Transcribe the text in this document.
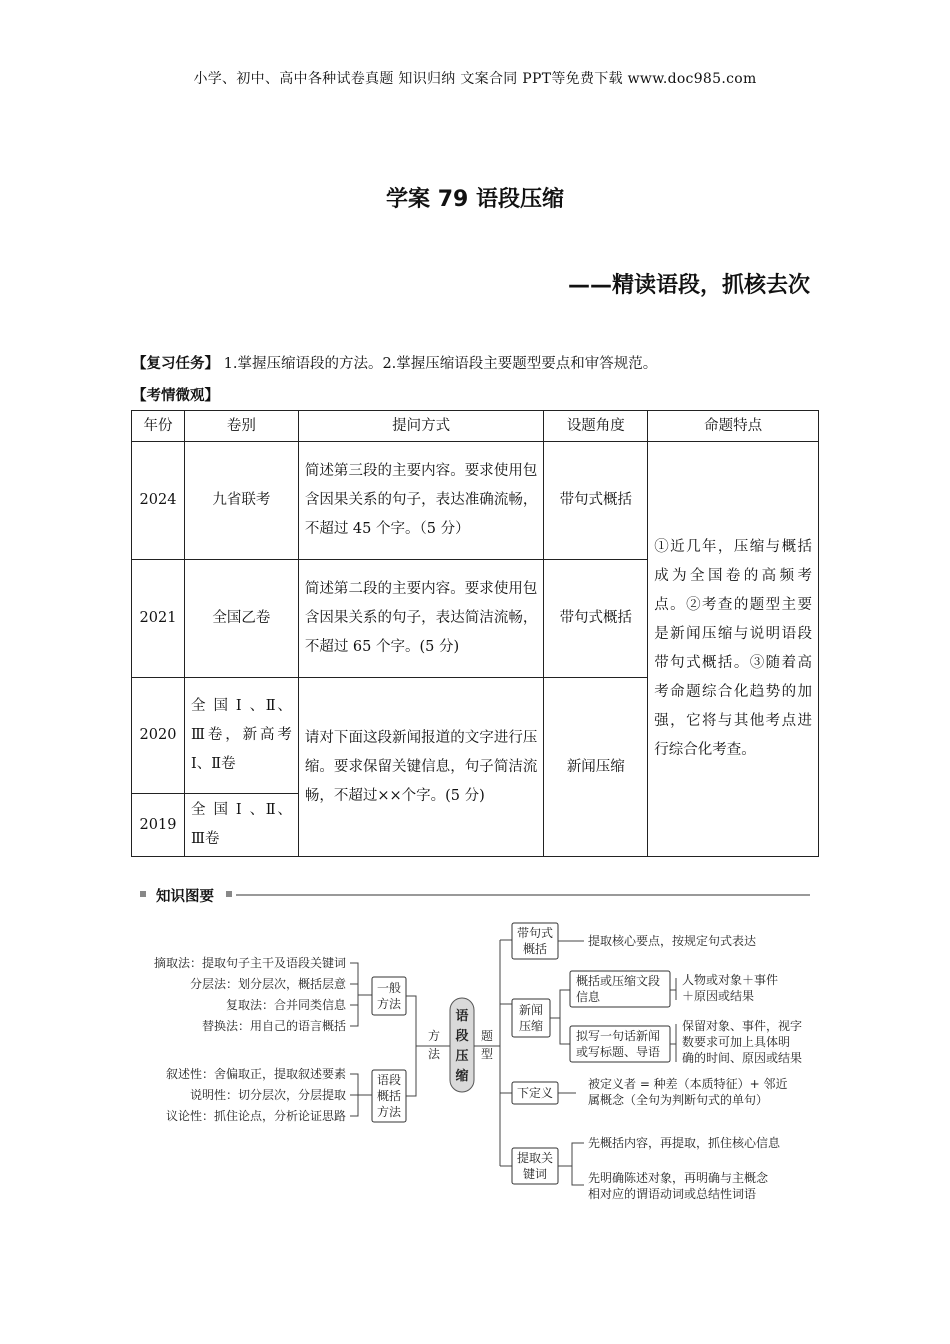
小学、初中、高中各种试卷真题 知识归纳 文案合同 PPT等免费下载 www.doc985.com
学案 79 语段压缩
——精读语段，抓核去次
【复习任务】 1.掌握压缩语段的方法。2.掌握压缩语段主要题型要点和审答规范。
【考情微观】
年份	卷别	提问方式	设题角度	命题特点
2024	九省联考	简述第三段的主要内容。要求使用包含因果关系的句子，表达准确流畅，不超过 45 个字。（5 分）	带句式概括	①近几年，压缩与概括成为全国卷的高频考点。②考查的题型主要是新闻压缩与说明语段带句式概括。③随着高考命题综合化趋势的加强，它将与其他考点进行综合化考查。
2021	全国乙卷	简述第二段的主要内容。要求使用包含因果关系的句子，表达简洁流畅，不超过 65 个字。(5 分)	带句式概括	
2020	全 国 Ⅰ 、Ⅱ、Ⅲ卷，新高考Ⅰ、Ⅱ卷	请对下面这段新闻报道的文字进行压缩。要求保留关键信息，句子简洁流畅，不超过××个字。(5 分)	新闻压缩	
2019	全 国 Ⅰ 、Ⅱ、Ⅲ卷			
知识图要
摘取法：提取句子主干及语段关键词
分层法：划分层次，概括层意
复取法：合并同类信息
替换法：用自己的语言概括
一般
方法
叙述性：舍偏取正，提取叙述要素
说明性：切分层次，分层提取
议论性：抓住论点，分析论证思路
语段
概括
方法
方
法
语
段
压
缩
题
型
带句式
概括
提取核心要点，按规定句式表达
新闻
压缩
概括或压缩文段
信息
人物或对象＋事件
＋原因或结果
拟写一句话新闻
或写标题、导语
保留对象、事件，视字
数要求可加上具体明
确的时间、原因或结果
下定义
被定义者 = 种差（本质特征）+ 邻近
属概念（全句为判断句式的单句）
提取关
键词
先概括内容，再提取，抓住核心信息
先明确陈述对象，再明确与主概念
相对应的谓语动词或总结性词语
